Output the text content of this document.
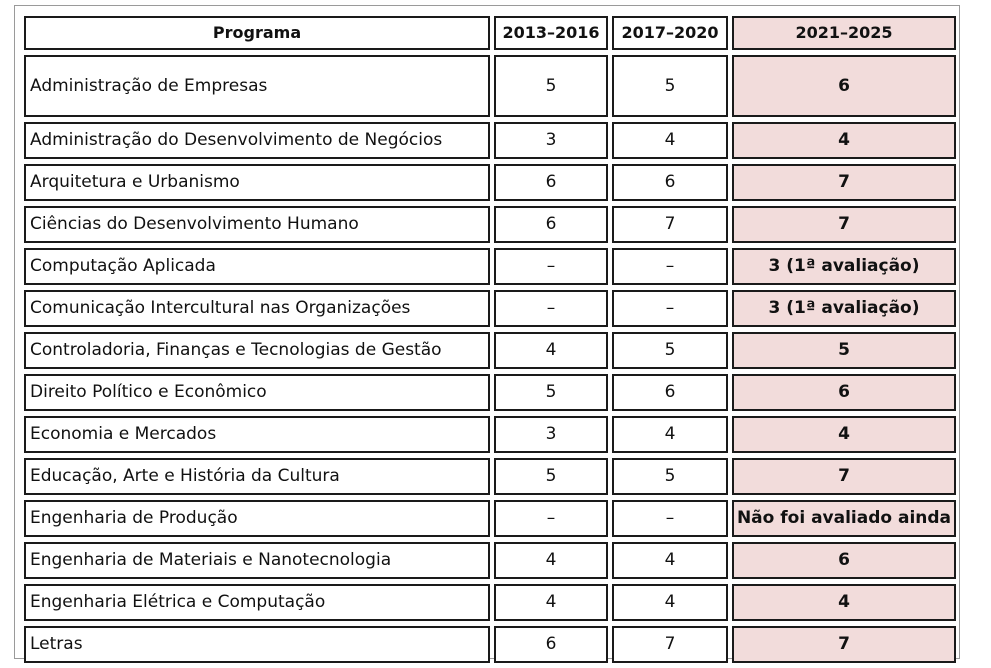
Programa	2013–2016	2017–2020	2021–2025
Administração de Empresas	5	5	6
Administração do Desenvolvimento de Negócios	3	4	4
Arquitetura e Urbanismo	6	6	7
Ciências do Desenvolvimento Humano	6	7	7
Computação Aplicada	–	–	3 (1ª avaliação)
Comunicação Intercultural nas Organizações	–	–	3 (1ª avaliação)
Controladoria, Finanças e Tecnologias de Gestão	4	5	5
Direito Político e Econômico	5	6	6
Economia e Mercados	3	4	4
Educação, Arte e História da Cultura	5	5	7
Engenharia de Produção	–	–	Não foi avaliado ainda
Engenharia de Materiais e Nanotecnologia	4	4	6
Engenharia Elétrica e Computação	4	4	4
Letras	6	7	7
